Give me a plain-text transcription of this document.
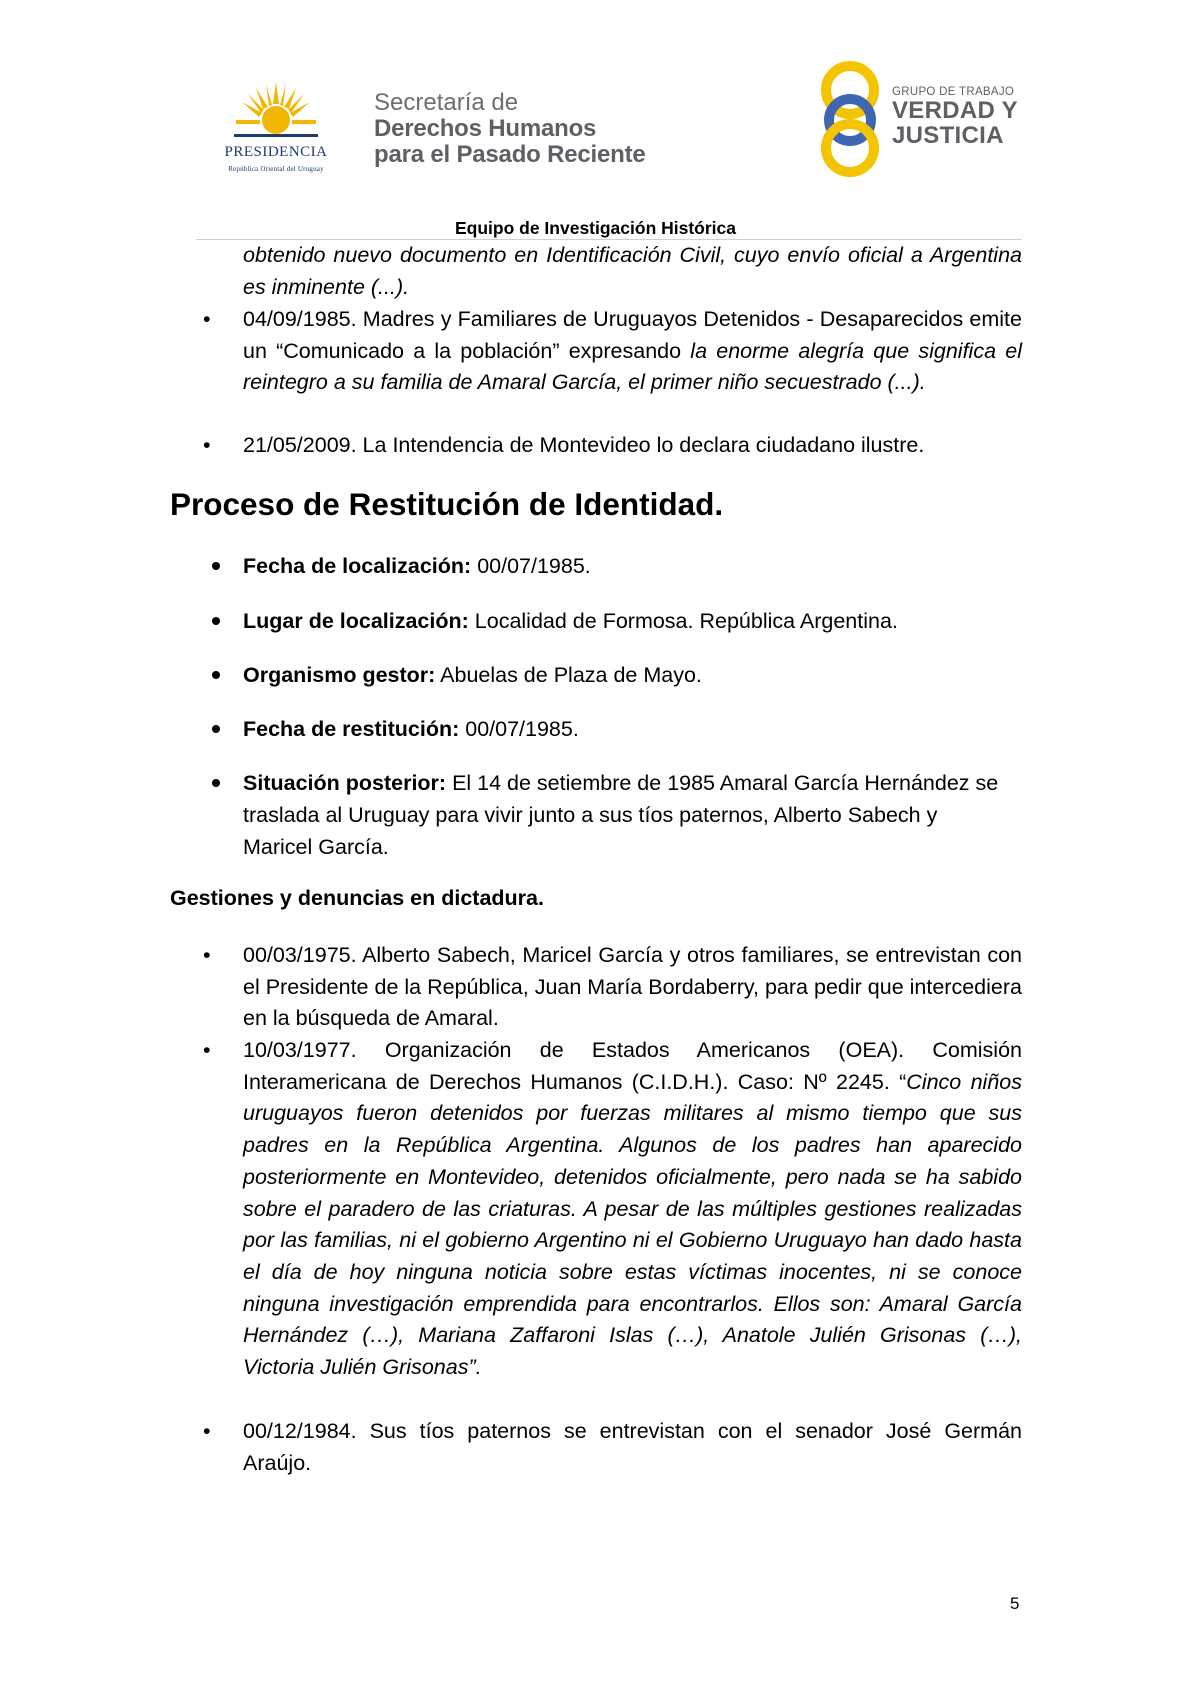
PRESIDENCIA
República Oriental del Uruguay
Secretaría de
Derechos Humanos
para el Pasado Reciente
GRUPO DE TRABAJO
VERDAD Y
JUSTICIA
Equipo de Investigación Histórica
obtenido nuevo documento en Identificación Civil, cuyo envío oficial a Argentina es inminente (...).
• 04/09/1985. Madres y Familiares de Uruguayos Detenidos - Desaparecidos emite un “Comunicado a la población” expresando la enorme alegría que significa el reintegro a su familia de Amaral García, el primer niño secuestrado (...).
• 21/05/2009. La Intendencia de Montevideo lo declara ciudadano ilustre.
Proceso de Restitución de Identidad.
Fecha de localización: 00/07/1985.
Lugar de localización: Localidad de Formosa. República Argentina.
Organismo gestor: Abuelas de Plaza de Mayo.
Fecha de restitución: 00/07/1985.
Situación posterior: El 14 de setiembre de 1985 Amaral García Hernández se traslada al Uruguay para vivir junto a sus tíos paternos, Alberto Sabech y Maricel García.
Gestiones y denuncias en dictadura.
• 00/03/1975. Alberto Sabech, Maricel García y otros familiares, se entrevistan con el Presidente de la República, Juan María Bordaberry, para pedir que intercediera en la búsqueda de Amaral.
• 10/03/1977. Organización de Estados Americanos (OEA). Comisión Interamericana de Derechos Humanos (C.I.D.H.). Caso: Nº 2245. “Cinco niños uruguayos fueron detenidos por fuerzas militares al mismo tiempo que sus padres en la República Argentina. Algunos de los padres han aparecido posteriormente en Montevideo, detenidos oficialmente, pero nada se ha sabido sobre el paradero de las criaturas. A pesar de las múltiples gestiones realizadas por las familias, ni el gobierno Argentino ni el Gobierno Uruguayo han dado hasta el día de hoy ninguna noticia sobre estas víctimas inocentes, ni se conoce ninguna investigación emprendida para encontrarlos. Ellos son: Amaral García Hernández (…), Mariana Zaffaroni Islas (…), Anatole Julién Grisonas (…), Victoria Julién Grisonas”.
• 00/12/1984. Sus tíos paternos se entrevistan con el senador José Germán Araújo.
5
